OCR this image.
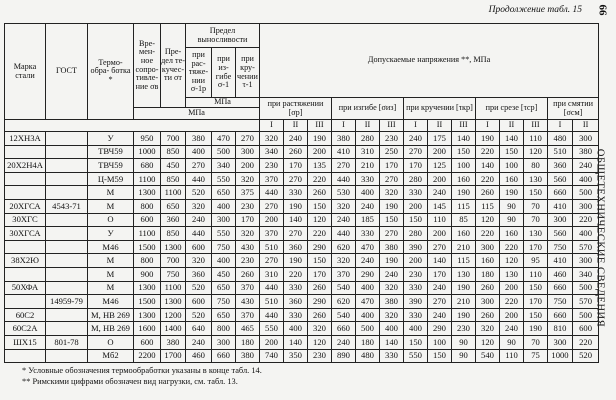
Продолжение табл. 15 66
ОБЩЕТЕХНИЧЕСКИЕ СВЕДЕНИЯ
Марка стали	ГОСТ	Термо- обра- ботка *	Вре- мен- ное сопро- тивле- ние σв	Пре- дел те- кучес- ти σт	Предел выносливости			Допускаемые напряжения **, МПа													
					при рас- тяже- нии σ-1р	при из- гибе σ-1	при кру- чении τ-1														
					МПа			при растяжении [σр]			при изгибе [σиз]			при кручении [τкр]			при срезе [τср]			при смятии [σсм]	
			МПа																		
								I	II	III	I	II	III	I	II	III	I	II	III	I	II
12ХН3А		У	950	700	380	470	270	320	240	190	380	280	230	240	175	140	190	140	110	480	300
		ТВЧ59	1000	850	400	500	300	340	260	200	410	310	250	270	200	150	220	150	120	510	380
20Х2Н4А		ТВЧ59	680	450	270	340	200	230	170	135	270	210	170	170	125	100	140	100	80	360	240
		Ц-М59	1100	850	440	550	320	370	270	220	440	330	270	280	200	160	220	160	130	560	400
		М	1300	1100	520	650	375	440	330	260	530	400	320	330	240	190	260	190	150	660	500
20ХГСА	4543-71	М	800	650	320	400	230	270	190	150	320	240	190	200	145	115	115	90	70	410	300
30ХГС		О	600	360	240	300	170	200	140	120	240	185	150	150	110	85	120	90	70	300	220
30ХГСА		У	1100	850	440	550	320	370	270	220	440	330	270	280	200	160	220	160	130	560	400
		М46	1500	1300	600	750	430	510	360	290	620	470	380	390	270	210	300	220	170	750	570
38Х2Ю		М	800	700	320	400	230	270	190	150	320	240	190	200	140	115	160	120	95	410	300
		М	900	750	360	450	260	310	220	170	370	290	240	230	170	130	180	130	110	460	340
50ХФА		М	1300	1100	520	650	370	440	330	260	540	400	320	330	240	190	260	200	150	660	500
	14959-79	М46	1500	1300	600	750	430	510	360	290	620	470	380	390	270	210	300	220	170	750	570
60С2		М, НВ 269	1300	1200	520	650	370	440	330	260	540	400	320	330	240	190	260	200	150	660	500
60С2А		М, НВ 269	1600	1400	640	800	465	550	400	320	660	500	400	400	290	230	320	240	190	810	600
ШХ15	801-78	О	600	380	240	300	180	200	140	120	240	180	140	150	100	90	120	90	70	300	220
		Мб2	2200	1700	460	660	380	740	350	230	890	480	330	550	150	90	540	110	75	1000	520
* Условные обозначения термообработки указаны в конце табл. 14.
** Римскими цифрами обозначен вид нагрузки, см. табл. 13.
